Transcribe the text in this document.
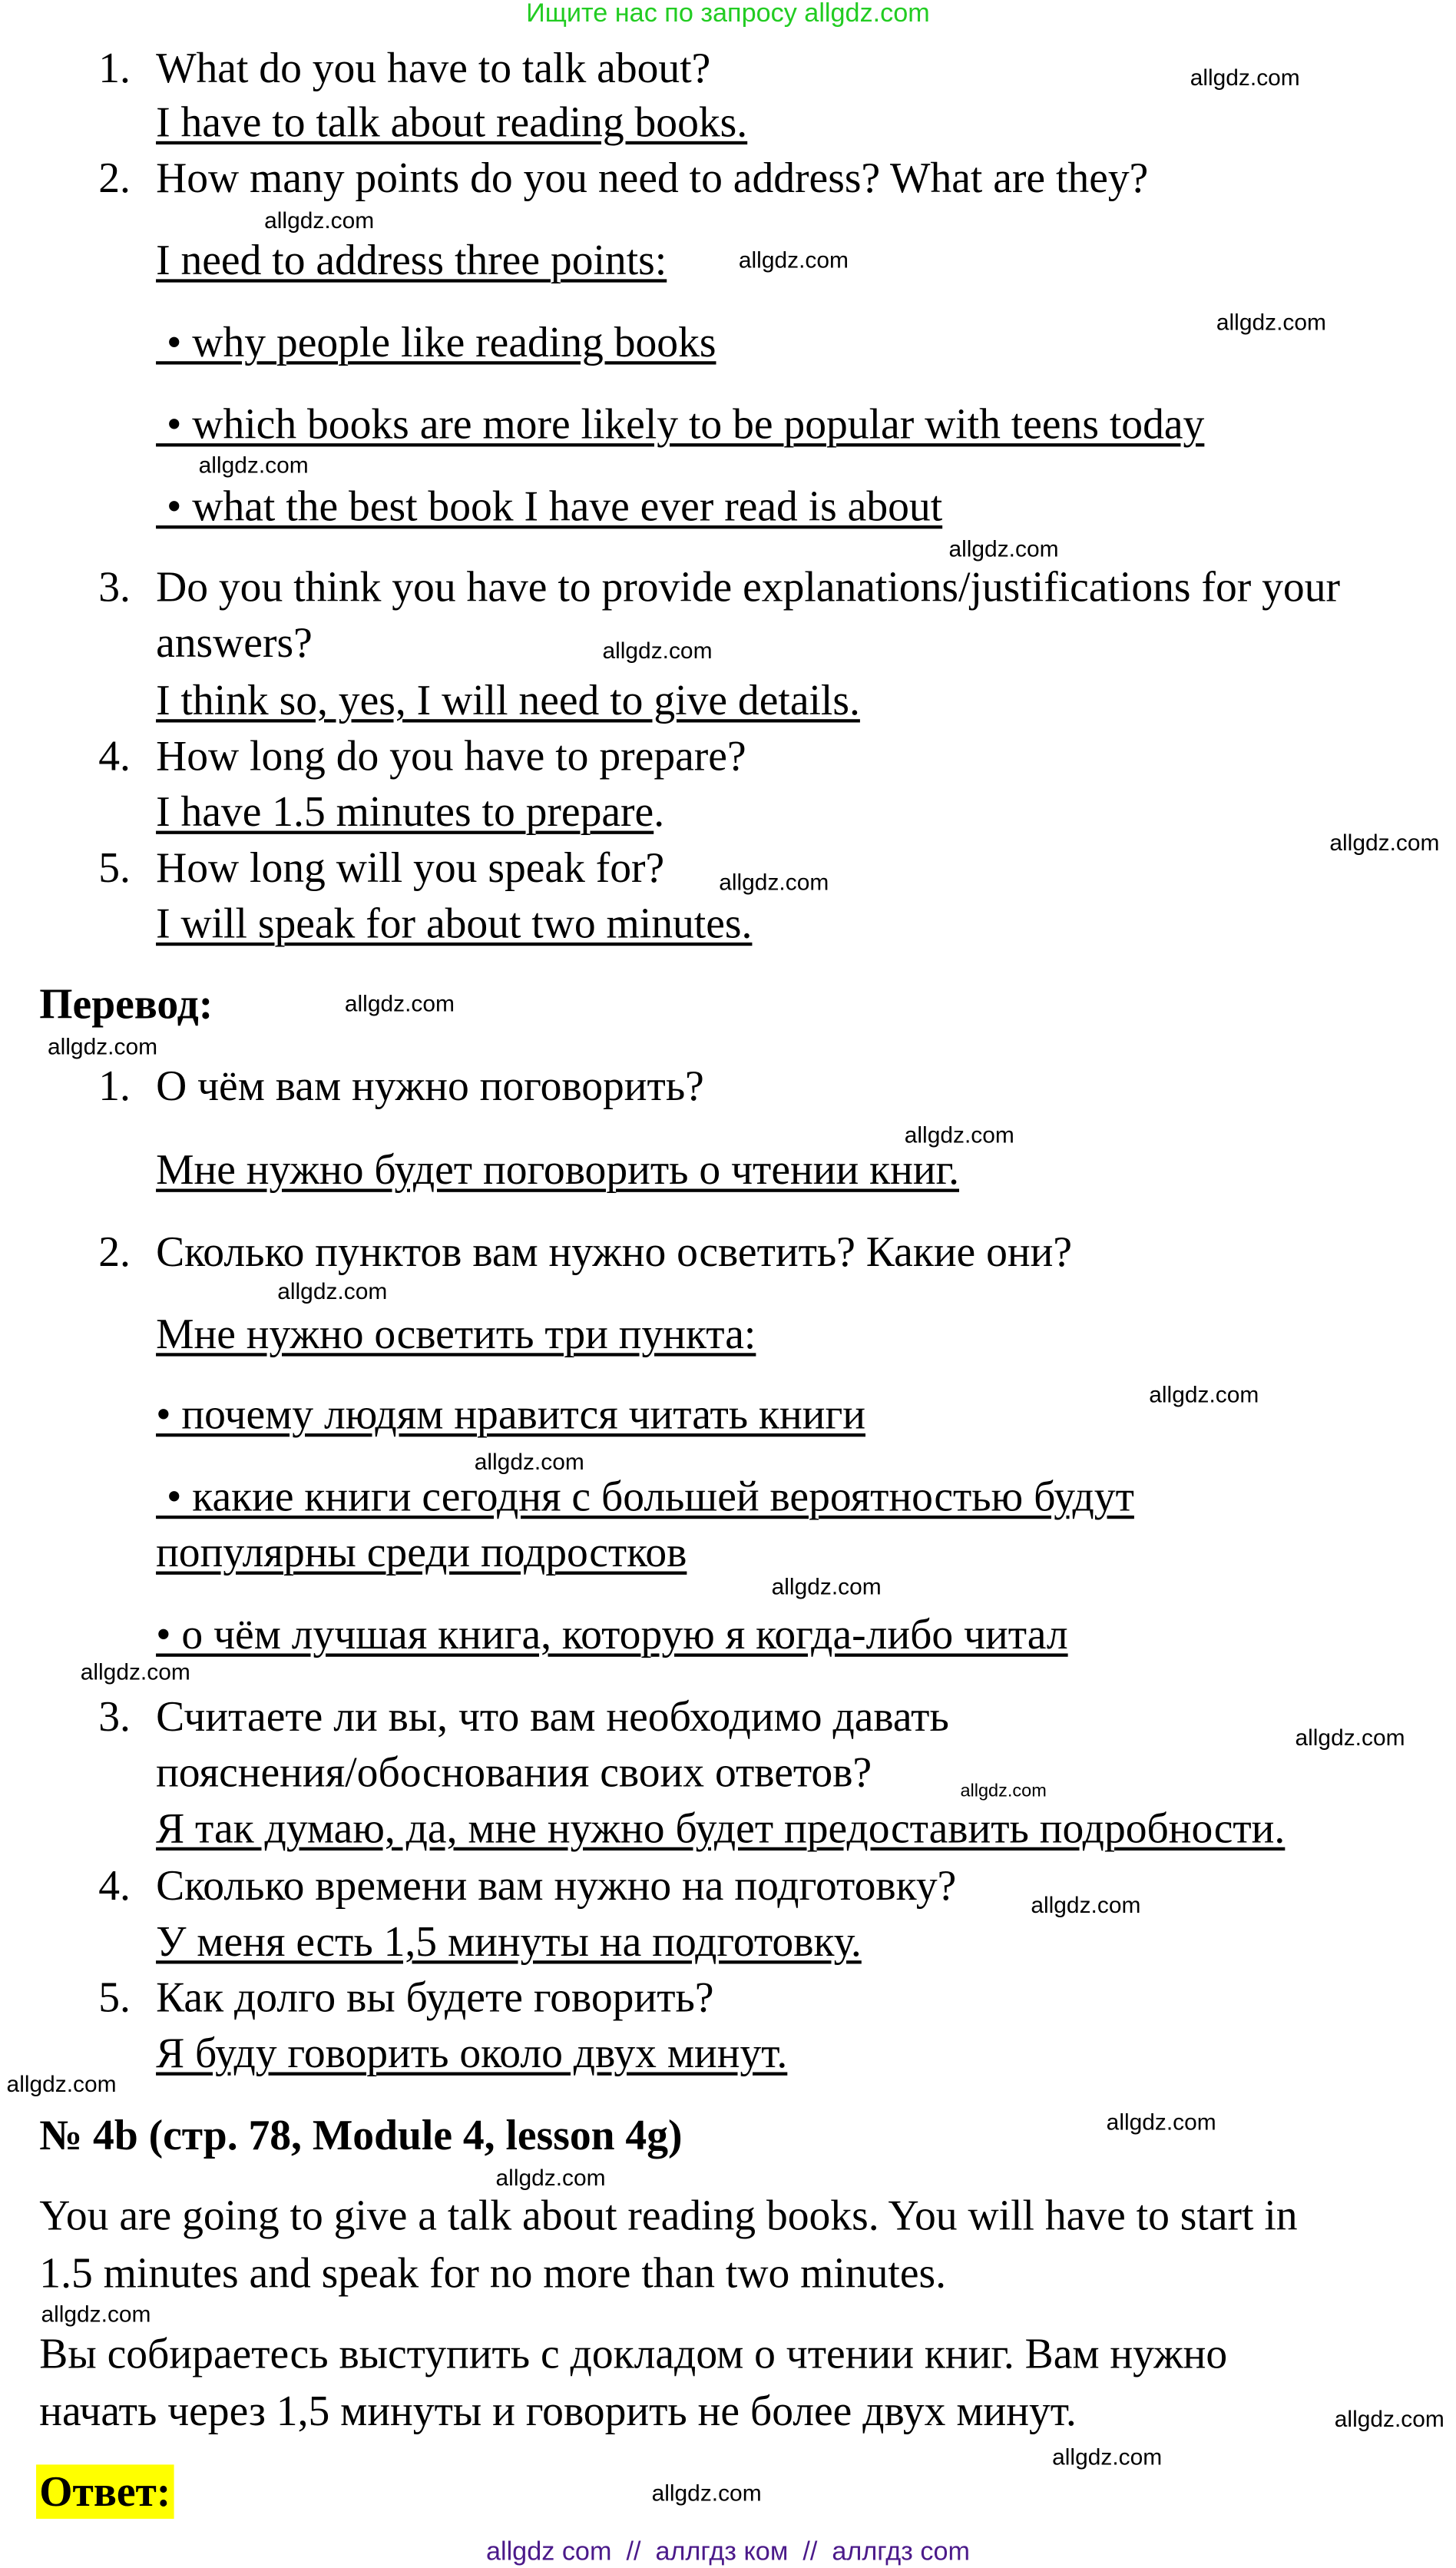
Ищите нас по запросу allgdz.com
1. What do you have to talk about?
I have to talk about reading books.
2. How many points do you need to address? What are they?
I need to address three points:
• why people like reading books
• which books are more likely to be popular with teens today
• what the best book I have ever read is about
3. Do you think you have to provide explanations/justifications for your
answers?
I think so, yes, I will need to give details.
4. How long do you have to prepare?
I have 1.5 minutes to prepare.
5. How long will you speak for?
I will speak for about two minutes.
Перевод:
1. О чём вам нужно поговорить?
Мне нужно будет поговорить о чтении книг.
2. Сколько пунктов вам нужно осветить? Какие они?
Мне нужно осветить три пункта:
• почему людям нравится читать книги
• какие книги сегодня с большей вероятностью будут
популярны среди подростков
• о чём лучшая книга, которую я когда-либо читал
3. Считаете ли вы, что вам необходимо давать
пояснения/обоснования своих ответов?
Я так думаю, да, мне нужно будет предоставить подробности.
4. Сколько времени вам нужно на подготовку?
У меня есть 1,5 минуты на подготовку.
5. Как долго вы будете говорить?
Я буду говорить около двух минут.
№ 4b (стр. 78, Module 4, lesson 4g)
You are going to give a talk about reading books. You will have to start in
1.5 minutes and speak for no more than two minutes.
Вы собираетесь выступить с докладом о чтении книг. Вам нужно
начать через 1,5 минуты и говорить не более двух минут.
Ответ:
allgdz.com
allgdz.com
allgdz.com
allgdz.com
allgdz.com
allgdz.com
allgdz.com
allgdz.com
allgdz.com
allgdz.com
allgdz.com
allgdz.com
allgdz.com
allgdz.com
allgdz.com
allgdz.com
allgdz.com
allgdz.com
allgdz.com
allgdz.com
allgdz.com
allgdz.com
allgdz.com
allgdz.com
allgdz.com
allgdz.com
allgdz.com
allgdz com  //  аллгдз ком  //  аллгдз com
